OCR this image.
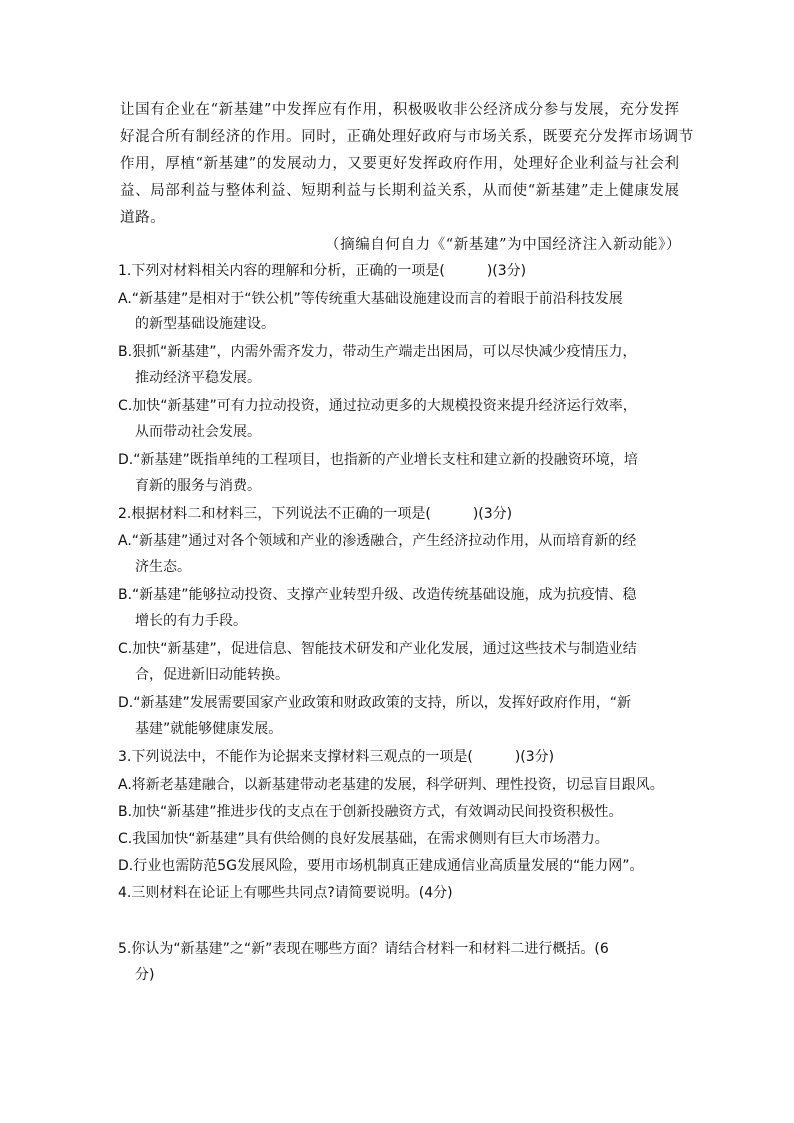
让国有企业在“新基建”中发挥应有作用，积极吸收非公经济成分参与发展，充分发挥
好混合所有制经济的作用。同时，正确处理好政府与市场关系，既要充分发挥市场调节
作用，厚植“新基建”的发展动力，又要更好发挥政府作用，处理好企业利益与社会利
益、局部利益与整体利益、短期利益与长期利益关系，从而使“新基建”走上健康发展
道路。
（摘编自何自力《“新基建”为中国经济注入新动能》）
1.下列对材料相关内容的理解和分析，正确的一项是(　　　)(3分)
A.“新基建”是相对于“铁公机”等传统重大基础设施建设而言的着眼于前沿科技发展
的新型基础设施建设。
B.狠抓“新基建”，内需外需齐发力，带动生产端走出困局，可以尽快减少疫情压力，
推动经济平稳发展。
C.加快“新基建”可有力拉动投资，通过拉动更多的大规模投资来提升经济运行效率，
从而带动社会发展。
D.“新基建”既指单纯的工程项目，也指新的产业增长支柱和建立新的投融资环境，培
育新的服务与消费。
2.根据材料二和材料三，下列说法不正确的一项是(　　　)(3分)
A.“新基建”通过对各个领域和产业的渗透融合，产生经济拉动作用，从而培育新的经
济生态。
B.“新基建”能够拉动投资、支撑产业转型升级、改造传统基础设施，成为抗疫情、稳
增长的有力手段。
C.加快“新基建”，促进信息、智能技术研发和产业化发展，通过这些技术与制造业结
合，促进新旧动能转换。
D.“新基建”发展需要国家产业政策和财政政策的支持，所以，发挥好政府作用，“新
基建”就能够健康发展。
3.下列说法中，不能作为论据来支撑材料三观点的一项是(　　　)(3分)
A.将新老基建融合，以新基建带动老基建的发展，科学研判、理性投资，切忌盲目跟风。
B.加快“新基建”推进步伐的支点在于创新投融资方式，有效调动民间投资积极性。
C.我国加快“新基建”具有供给侧的良好发展基础，在需求侧则有巨大市场潜力。
D.行业也需防范5G发展风险，要用市场机制真正建成通信业高质量发展的“能力网”。
4.三则材料在论证上有哪些共同点?请简要说明。(4分)
5.你认为“新基建”之“新”表现在哪些方面？请结合材料一和材料二进行概括。(6
分)
